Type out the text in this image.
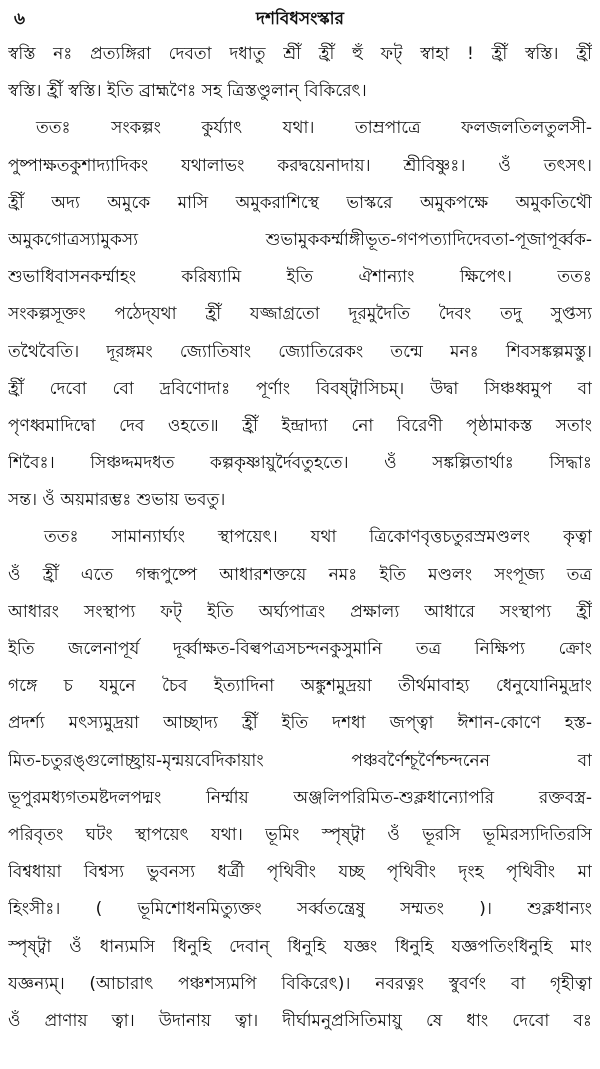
৬	দশবিধসংস্কার
স্বস্তি নঃ প্রত্যঙ্গিরা দেবতা দধাতু শ্রীঁ হ্রীঁ হুঁ ফট্ স্বাহা ! হ্রীঁ স্বস্তি। হ্রীঁ
স্বস্তি। হ্রীঁ স্বস্তি। ইতি ব্রাহ্মণৈঃ সহ ত্রিস্তণ্ডুলান্ বিকিরেৎ।
ততঃ সংকল্পং কুর্য্যাৎ যথা। তাম্রপাত্রে ফলজলতিলতুলসী-
পুষ্পাক্ষতকুশাদ্যাদিকং যথালাভং করদ্বয়েনাদায়। শ্রীবিষ্ণুঃ। ওঁ তৎসৎ।
হ্রীঁ অদ্য অমুকে মাসি অমুকরাশিস্থে ভাস্করে অমুকপক্ষে অমুকতিথৌ
অমুকগোত্রস্যামুকস্য শুভামুককর্ম্মাঙ্গীভূত-গণপত্যাদিদেবতা-পূজাপূর্ব্বক-
শুভাধিবাসনকর্ম্মাহং করিষ্যামি ইতি ঐশান্যাং ক্ষিপেৎ। ততঃ
সংকল্পসূক্তং পঠেদ্‌যথা হ্রীঁ যজ্জাগ্রতো দূরমুদৈতি দৈবং তদু সুপ্তস্য
তথৈবৈতি। দূরঙ্গমং জ্যোতিষাং জ্যোতিরেকং তন্মে মনঃ শিবসঙ্কল্পমস্তু।
হ্রীঁ দেবো বো দ্রবিণোদাঃ পূর্ণাং বিবষ্ট্বাসিচম্। উদ্বা সিঞ্চধ্বমুপ বা
পৃণধ্বমাদিদ্বো দেব ওহতে॥ হ্রীঁ ইন্দ্রাদ্যা নো বিরেণী পৃষ্ঠামাকস্ত সতাং
শিবৈঃ। সিঞ্চদ্দমদধত কল্পকৃষ্ণায়ুর্দৈবতুহতে। ওঁ সঙ্কল্পিতার্থাঃ সিদ্ধাঃ
সন্ত। ওঁ অয়মারম্ভঃ শুভায় ভবতু।
ততঃ সামান্যার্ঘ্যং স্থাপয়েৎ। যথা ত্রিকোণবৃত্তচতুরস্রমণ্ডলং কৃত্বা
ওঁ হ্রীঁ এতে গন্ধপুষ্পে আধারশক্তয়ে নমঃ ইতি মণ্ডলং সংপূজ্য তত্র
আধারং সংস্থাপ্য ফট্ ইতি অর্ঘ্যপাত্রং প্রক্ষাল্য আধারে সংস্থাপ্য হ্রীঁ
ইতি জলেনাপূর্য দূর্ব্বাক্ষত-বিল্বপত্রসচন্দনকুসুমানি তত্র নিক্ষিপ্য ক্রোং
গঙ্গে চ যমুনে চৈব ইত্যাদিনা অঙ্কুশমুদ্রয়া তীর্থমাবাহ্য ধেনুযোনিমুদ্রাং
প্রদর্শ্য মৎস্যমুদ্রয়া আচ্ছাদ্য হ্রীঁ ইতি দশধা জপ্ত্বা ঈশান-কোণে হস্ত-
মিত-চতুরঙ্গুলোচ্ছ্রায়-মৃন্ময়বেদিকায়াং পঞ্চবর্ণৈশ্চূর্ণৈশ্চন্দনেন বা
ভূপুরমধ্যগতমষ্টদলপদ্মং নির্ম্মায় অঞ্জলিপরিমিত-শুক্লধান্যোপরি রক্তবস্ত্র-
পরিবৃতং ঘটং স্থাপয়েৎ যথা। ভূমিং স্পৃষ্ট্বা ওঁ ভূরসি ভূমিরস্যদিতিরসি
বিশ্বধায়া বিশ্বস্য ভুবনস্য ধর্ত্রী পৃথিবীং যচ্ছ পৃথিবীং দৃংহ পৃথিবীং মা
হিংসীঃ। ( ভূমিশোধনমিত্যুক্তং সর্ব্বতন্ত্রেষু সম্মতং )। শুক্লধান্যং
স্পৃষ্ট্বা ওঁ ধান্যমসি ধিনুহি দেবান্ ধিনুহি যজ্ঞং ধিনুহি যজ্ঞপতিংধিনুহি মাং
যজ্ঞন্যম্। (আচারাৎ পঞ্চশস্যমপি বিকিরেৎ)। নবরত্নং স্বুবর্ণং বা গৃহীত্বা
ওঁ প্রাণায় ত্বা। উদানায় ত্বা। দীর্ঘামনুপ্রসিতিমায়ু ষে ধাং দেবো বঃ
